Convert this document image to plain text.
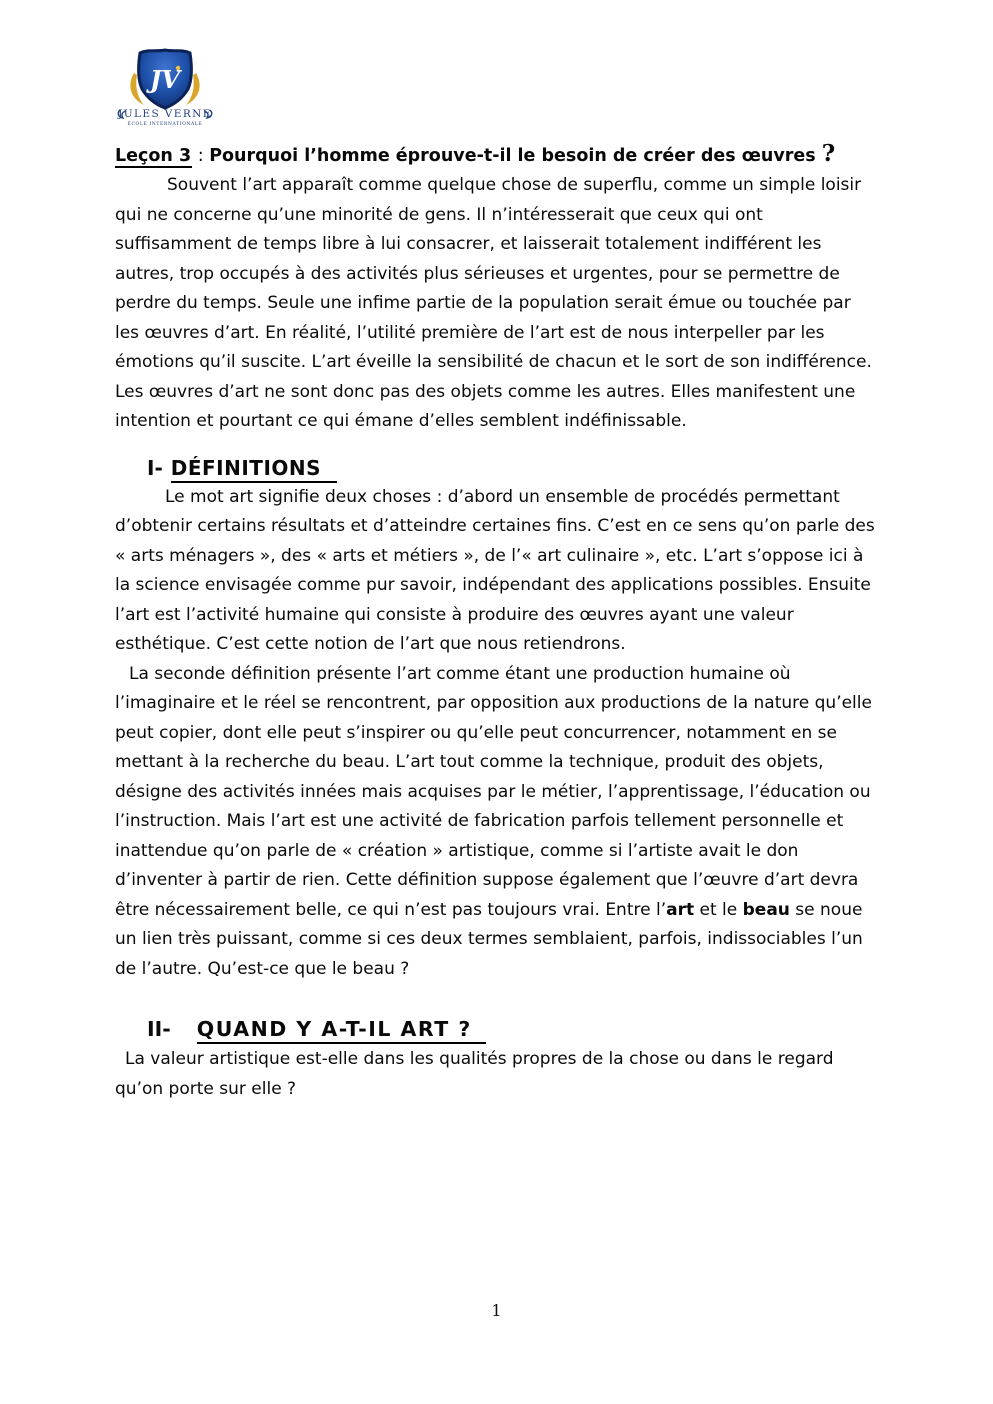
JV
JULES VERNE
ÉCOLE INTERNATIONALE
Leçon 3 : Pourquoi l’homme éprouve-t-il le besoin de créer des œuvres ?

Souvent l’art apparaît comme quelque chose de superflu, comme un simple loisir qui ne concerne qu’une minorité de gens. Il n’intéresserait que ceux qui ont suffisamment de temps libre à lui consacrer, et laisserait totalement indifférent les autres, trop occupés à des activités plus sérieuses et urgentes, pour se permettre de perdre du temps. Seule une infime partie de la population serait émue ou touchée par les œuvres d’art. En réalité, l’utilité première de l’art est de nous interpeller par les émotions qu’il suscite. L’art éveille la sensibilité de chacun et le sort de son indifférence. Les œuvres d’art ne sont donc pas des objets comme les autres. Elles manifestent une intention et pourtant ce qui émane d’elles semblent indéfinissable.

I- DÉFINITIONS

Le mot art signifie deux choses : d’abord un ensemble de procédés permettant d’obtenir certains résultats et d’atteindre certaines fins. C’est en ce sens qu’on parle des « arts ménagers », des « arts et métiers », de l’« art culinaire », etc. L’art s’oppose ici à la science envisagée comme pur savoir, indépendant des applications possibles. Ensuite l’art est l’activité humaine qui consiste à produire des œuvres ayant une valeur esthétique. C’est cette notion de l’art que nous retiendrons.

La seconde définition présente l’art comme étant une production humaine où l’imaginaire et le réel se rencontrent, par opposition aux productions de la nature qu’elle peut copier, dont elle peut s’inspirer ou qu’elle peut concurrencer, notamment en se mettant à la recherche du beau. L’art tout comme la technique, produit des objets, désigne des activités innées mais acquises par le métier, l’apprentissage, l’éducation ou l’instruction. Mais l’art est une activité de fabrication parfois tellement personnelle et inattendue qu’on parle de « création » artistique, comme si l’artiste avait le don d’inventer à partir de rien. Cette définition suppose également que l’œuvre d’art devra être nécessairement belle, ce qui n’est pas toujours vrai. Entre l’art et le beau se noue un lien très puissant, comme si ces deux termes semblaient, parfois, indissociables l’un de l’autre. Qu’est-ce que le beau ?

II- QUAND Y A-T-IL ART ?

La valeur artistique est-elle dans les qualités propres de la chose ou dans le regard qu’on porte sur elle ?

1
